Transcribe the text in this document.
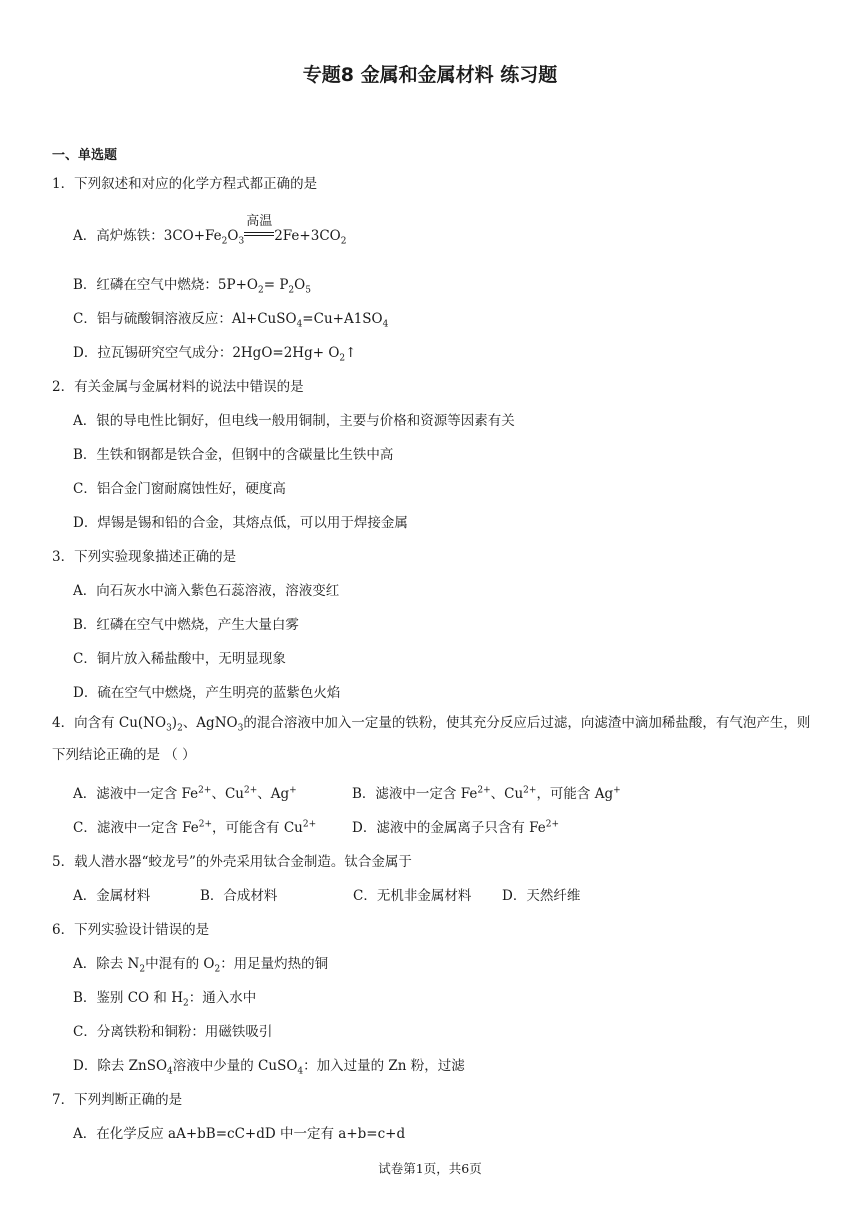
专题8 金属和金属材料 练习题
一、单选题
1．下列叙述和对应的化学方程式都正确的是
A．高炉炼铁：$3CO+Fe_2O_3$
高温
$2Fe+3CO_2$
B．红磷在空气中燃烧：$5P+O_2= P_2O_5$
C．铝与硫酸铜溶液反应：$Al+CuSO_4=Cu+A1SO_4$
D．拉瓦锡研究空气成分：$2HgO=2Hg+ O_2↑$
2．有关金属与金属材料的说法中错误的是
A．银的导电性比铜好，但电线一般用铜制，主要与价格和资源等因素有关
B．生铁和钢都是铁合金，但钢中的含碳量比生铁中高
C．铝合金门窗耐腐蚀性好，硬度高
D．焊锡是锡和铅的合金，其熔点低，可以用于焊接金属
3．下列实验现象描述正确的是
A．向石灰水中滴入紫色石蕊溶液，溶液变红
B．红磷在空气中燃烧，产生大量白雾
C．铜片放入稀盐酸中，无明显现象
D．硫在空气中燃烧，产生明亮的蓝紫色火焰
4．向含有 $Cu(NO_3)_2$、AgNO$_3$的混合溶液中加入一定量的铁粉，使其充分反应后过滤，向滤渣中滴加稀盐酸，有气泡产生，则下列结论正确的是 （ ）
A．滤液中一定含 $Fe^{2+}$、$Cu^{2+}$、Ag+	B．滤液中一定含 $Fe^{2+}$、$Cu^{2+}$，可能含 Ag+
C．滤液中一定含 $Fe^{2+}$，可能含有 $Cu^{2+}$	D．滤液中的金属离子只含有 $Fe^{2+}$
5．载人潜水器“蛟龙号”的外壳采用钛合金制造。钛合金属于
A．金属材料	B．合成材料	C．无机非金属材料 D．天然纤维
6．下列实验设计错误的是
A．除去 $N_2$中混有的 $O_2$：用足量灼热的铜
B．鉴别 CO 和 $H_2$：通入水中
C．分离铁粉和铜粉：用磁铁吸引
D．除去 ZnSO$_4$溶液中少量的 CuSO$_4$：加入过量的 Zn 粉，过滤
7．下列判断正确的是
A．在化学反应 aA+bB=cC+dD 中一定有 a+b=c+d
试卷第1页，共6页
